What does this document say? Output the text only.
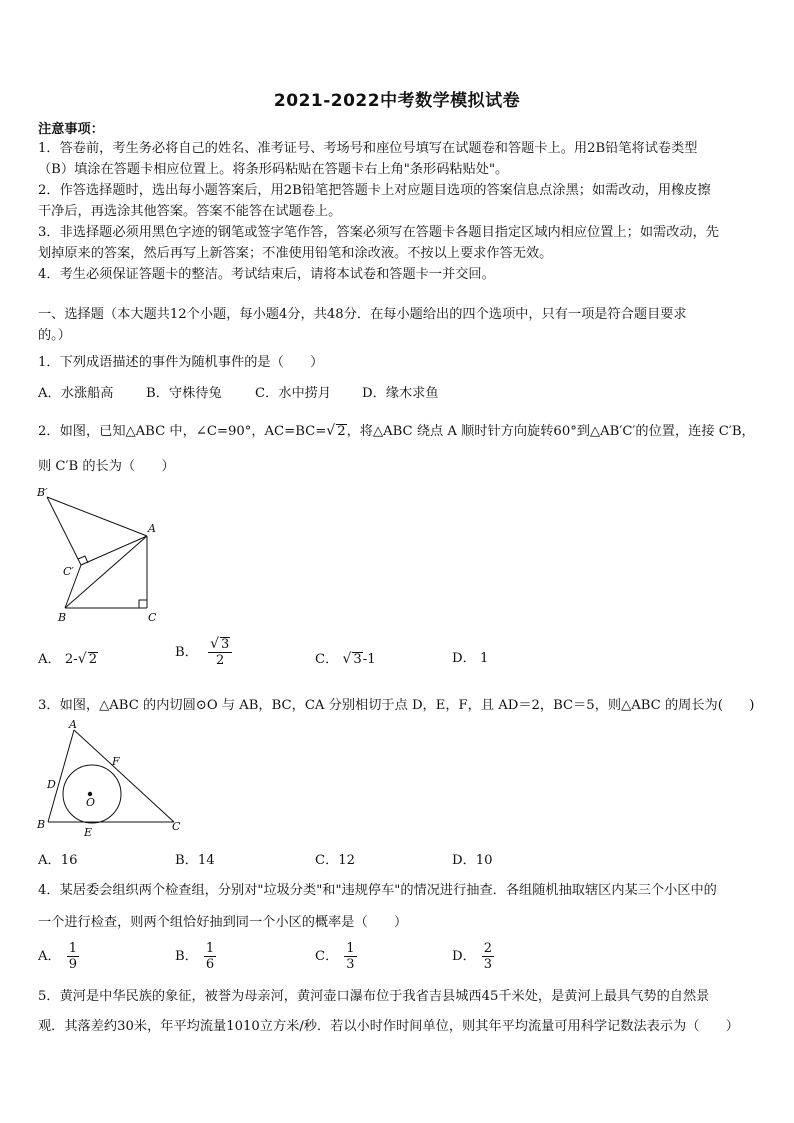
2021-2022中考数学模拟试卷
注意事项：
1．答卷前，考生务必将自己的姓名、准考证号、考场号和座位号填写在试题卷和答题卡上。用2B铅笔将试卷类型
（B）填涂在答题卡相应位置上。将条形码粘贴在答题卡右上角"条形码粘贴处"。
2．作答选择题时，选出每小题答案后，用2B铅笔把答题卡上对应题目选项的答案信息点涂黑；如需改动，用橡皮擦
干净后，再选涂其他答案。答案不能答在试题卷上。
3．非选择题必须用黑色字迹的钢笔或签字笔作答，答案必须写在答题卡各题目指定区域内相应位置上；如需改动，先
划掉原来的答案，然后再写上新答案；不准使用铅笔和涂改液。不按以上要求作答无效。
4．考生必须保证答题卡的整洁。考试结束后，请将本试卷和答题卡一并交回。
一、选择题（本大题共12个小题，每小题4分，共48分．在每小题给出的四个选项中，只有一项是符合题目要求
的。）
1．下列成语描述的事件为随机事件的是（　　）
A．水涨船高 B．守株待兔	C．水中捞月 D．缘木求鱼
2．如图，已知△ABC 中，∠C=90°，AC=BC=√ 2，将△ABC 绕点 A 顺时针方向旋转60°到△AB′C′的位置，连接 C′B，
则 C′B 的长为（　　）
B′
A
C′
B	C
A． 2-√ 2	B． $\frac{√ 3}{2}$	C． √ 3-1	D． 1
3．如图，△ABC 的内切圆⊙O 与 AB，BC，CA 分别相切于点 D，E，F，且 AD＝2，BC＝5，则△ABC 的周长为(　　)
A
F
D
O
B
E	C
A．16	B．14	C．12	D．10
4．某居委会组织两个检查组，分别对"垃圾分类"和"违规停车"的情况进行抽查．各组随机抽取辖区内某三个小区中的
一个进行检查，则两个组恰好抽到同一个小区的概率是（　　）
A． $\frac{1}{9}$	B． $\frac{1}{6}$	C． $\frac{1}{3}$	D． $\frac{2}{3}$
5．黄河是中华民族的象征，被誉为母亲河，黄河壶口瀑布位于我省吉县城西45千米处，是黄河上最具气势的自然景
观．其落差约30米，年平均流量1010立方米/秒．若以小时作时间单位，则其年平均流量可用科学记数法表示为（　　）
